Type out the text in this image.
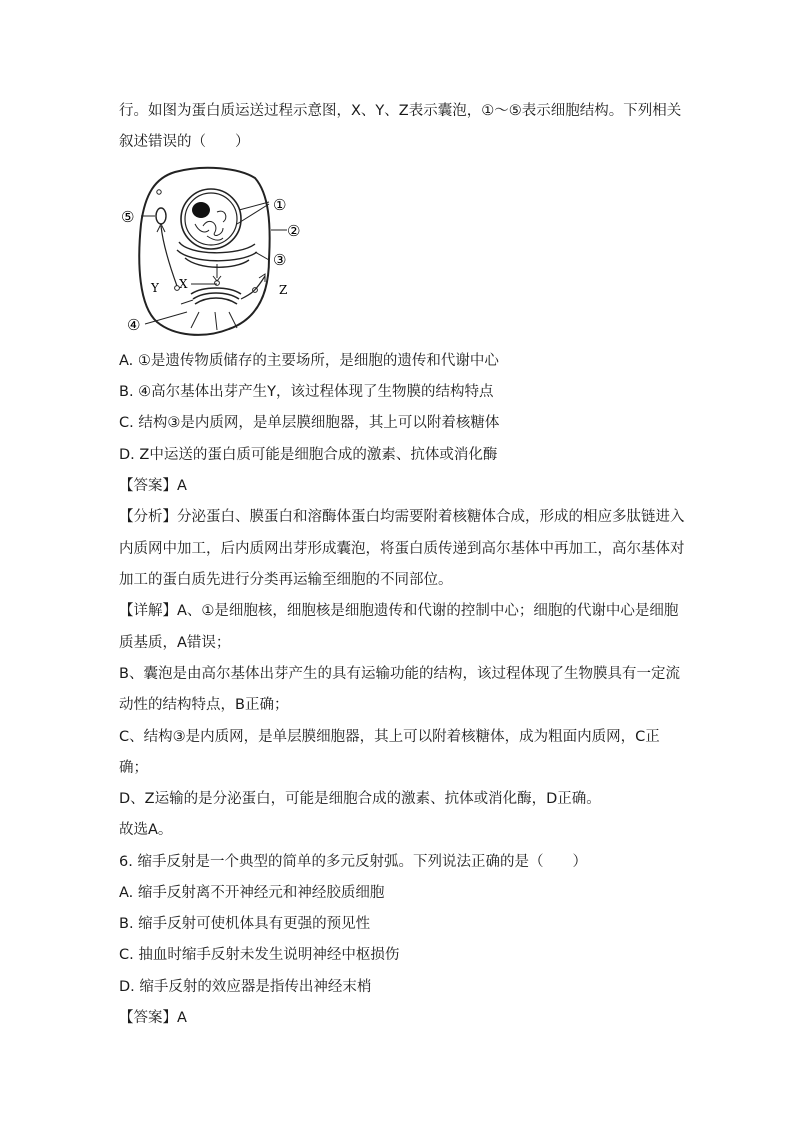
行。如图为蛋白质运送过程示意图，X、Y、Z表示囊泡，①～⑤表示细胞结构。下列相关
叙述错误的（　　）
①
②
③
④
⑤
X
Y	Z
A. ①是遗传物质储存的主要场所，是细胞的遗传和代谢中心
B. ④高尔基体出芽产生Y，该过程体现了生物膜的结构特点
C. 结构③是内质网，是单层膜细胞器，其上可以附着核糖体
D. Z中运送的蛋白质可能是细胞合成的激素、抗体或消化酶
【答案】A
【分析】分泌蛋白、膜蛋白和溶酶体蛋白均需要附着核糖体合成，形成的相应多肽链进入
内质网中加工，后内质网出芽形成囊泡，将蛋白质传递到高尔基体中再加工，高尔基体对
加工的蛋白质先进行分类再运输至细胞的不同部位。
【详解】A、①是细胞核，细胞核是细胞遗传和代谢的控制中心；细胞的代谢中心是细胞
质基质，A错误；
B、囊泡是由高尔基体出芽产生的具有运输功能的结构，该过程体现了生物膜具有一定流
动性的结构特点，B正确；
C、结构③是内质网，是单层膜细胞器，其上可以附着核糖体，成为粗面内质网，C正
确；
D、Z运输的是分泌蛋白，可能是细胞合成的激素、抗体或消化酶，D正确。
故选A。
6. 缩手反射是一个典型的简单的多元反射弧。下列说法正确的是（　　）
A. 缩手反射离不开神经元和神经胶质细胞
B. 缩手反射可使机体具有更强的预见性
C. 抽血时缩手反射未发生说明神经中枢损伤
D. 缩手反射的效应器是指传出神经末梢
【答案】A
